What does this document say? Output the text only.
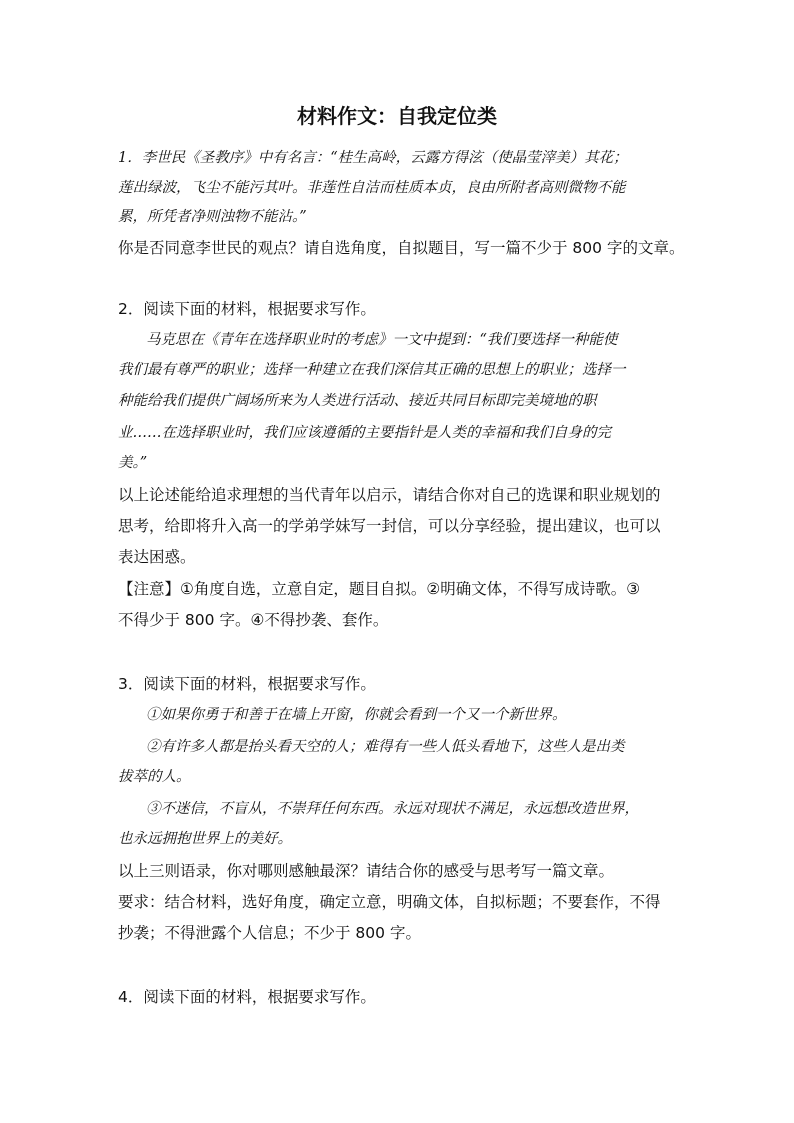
材料作文：自我定位类
1．李世民《圣教序》中有名言：“桂生高岭，云露方得泫（使晶莹滓美）其花；
莲出绿波，飞尘不能污其叶。非莲性自洁而桂质本贞，良由所附者高则微物不能
累，所凭者净则浊物不能沾。”
你是否同意李世民的观点？请自选角度，自拟题目，写一篇不少于 800 字的文章。
2．阅读下面的材料，根据要求写作。
马克思在《青年在选择职业时的考虑》一文中提到：“我们要选择一种能使
我们最有尊严的职业；选择一种建立在我们深信其正确的思想上的职业；选择一
种能给我们提供广阔场所来为人类进行活动、接近共同目标即完美境地的职
业……在选择职业时，我们应该遵循的主要指针是人类的幸福和我们自身的完
美。”
以上论述能给追求理想的当代青年以启示，请结合你对自己的选课和职业规划的
思考，给即将升入高一的学弟学妹写一封信，可以分享经验，提出建议，也可以
表达困惑。
【注意】①角度自选，立意自定，题目自拟。②明确文体，不得写成诗歌。③
不得少于 800 字。④不得抄袭、套作。
3．阅读下面的材料，根据要求写作。
①如果你勇于和善于在墙上开窗，你就会看到一个又一个新世界。
②有许多人都是抬头看天空的人；难得有一些人低头看地下，这些人是出类
拔萃的人。
③不迷信，不盲从，不崇拜任何东西。永远对现状不满足，永远想改造世界，
也永远拥抱世界上的美好。
以上三则语录，你对哪则感触最深？请结合你的感受与思考写一篇文章。
要求：结合材料，选好角度，确定立意，明确文体，自拟标题；不要套作，不得
抄袭；不得泄露个人信息；不少于 800 字。
4．阅读下面的材料，根据要求写作。
